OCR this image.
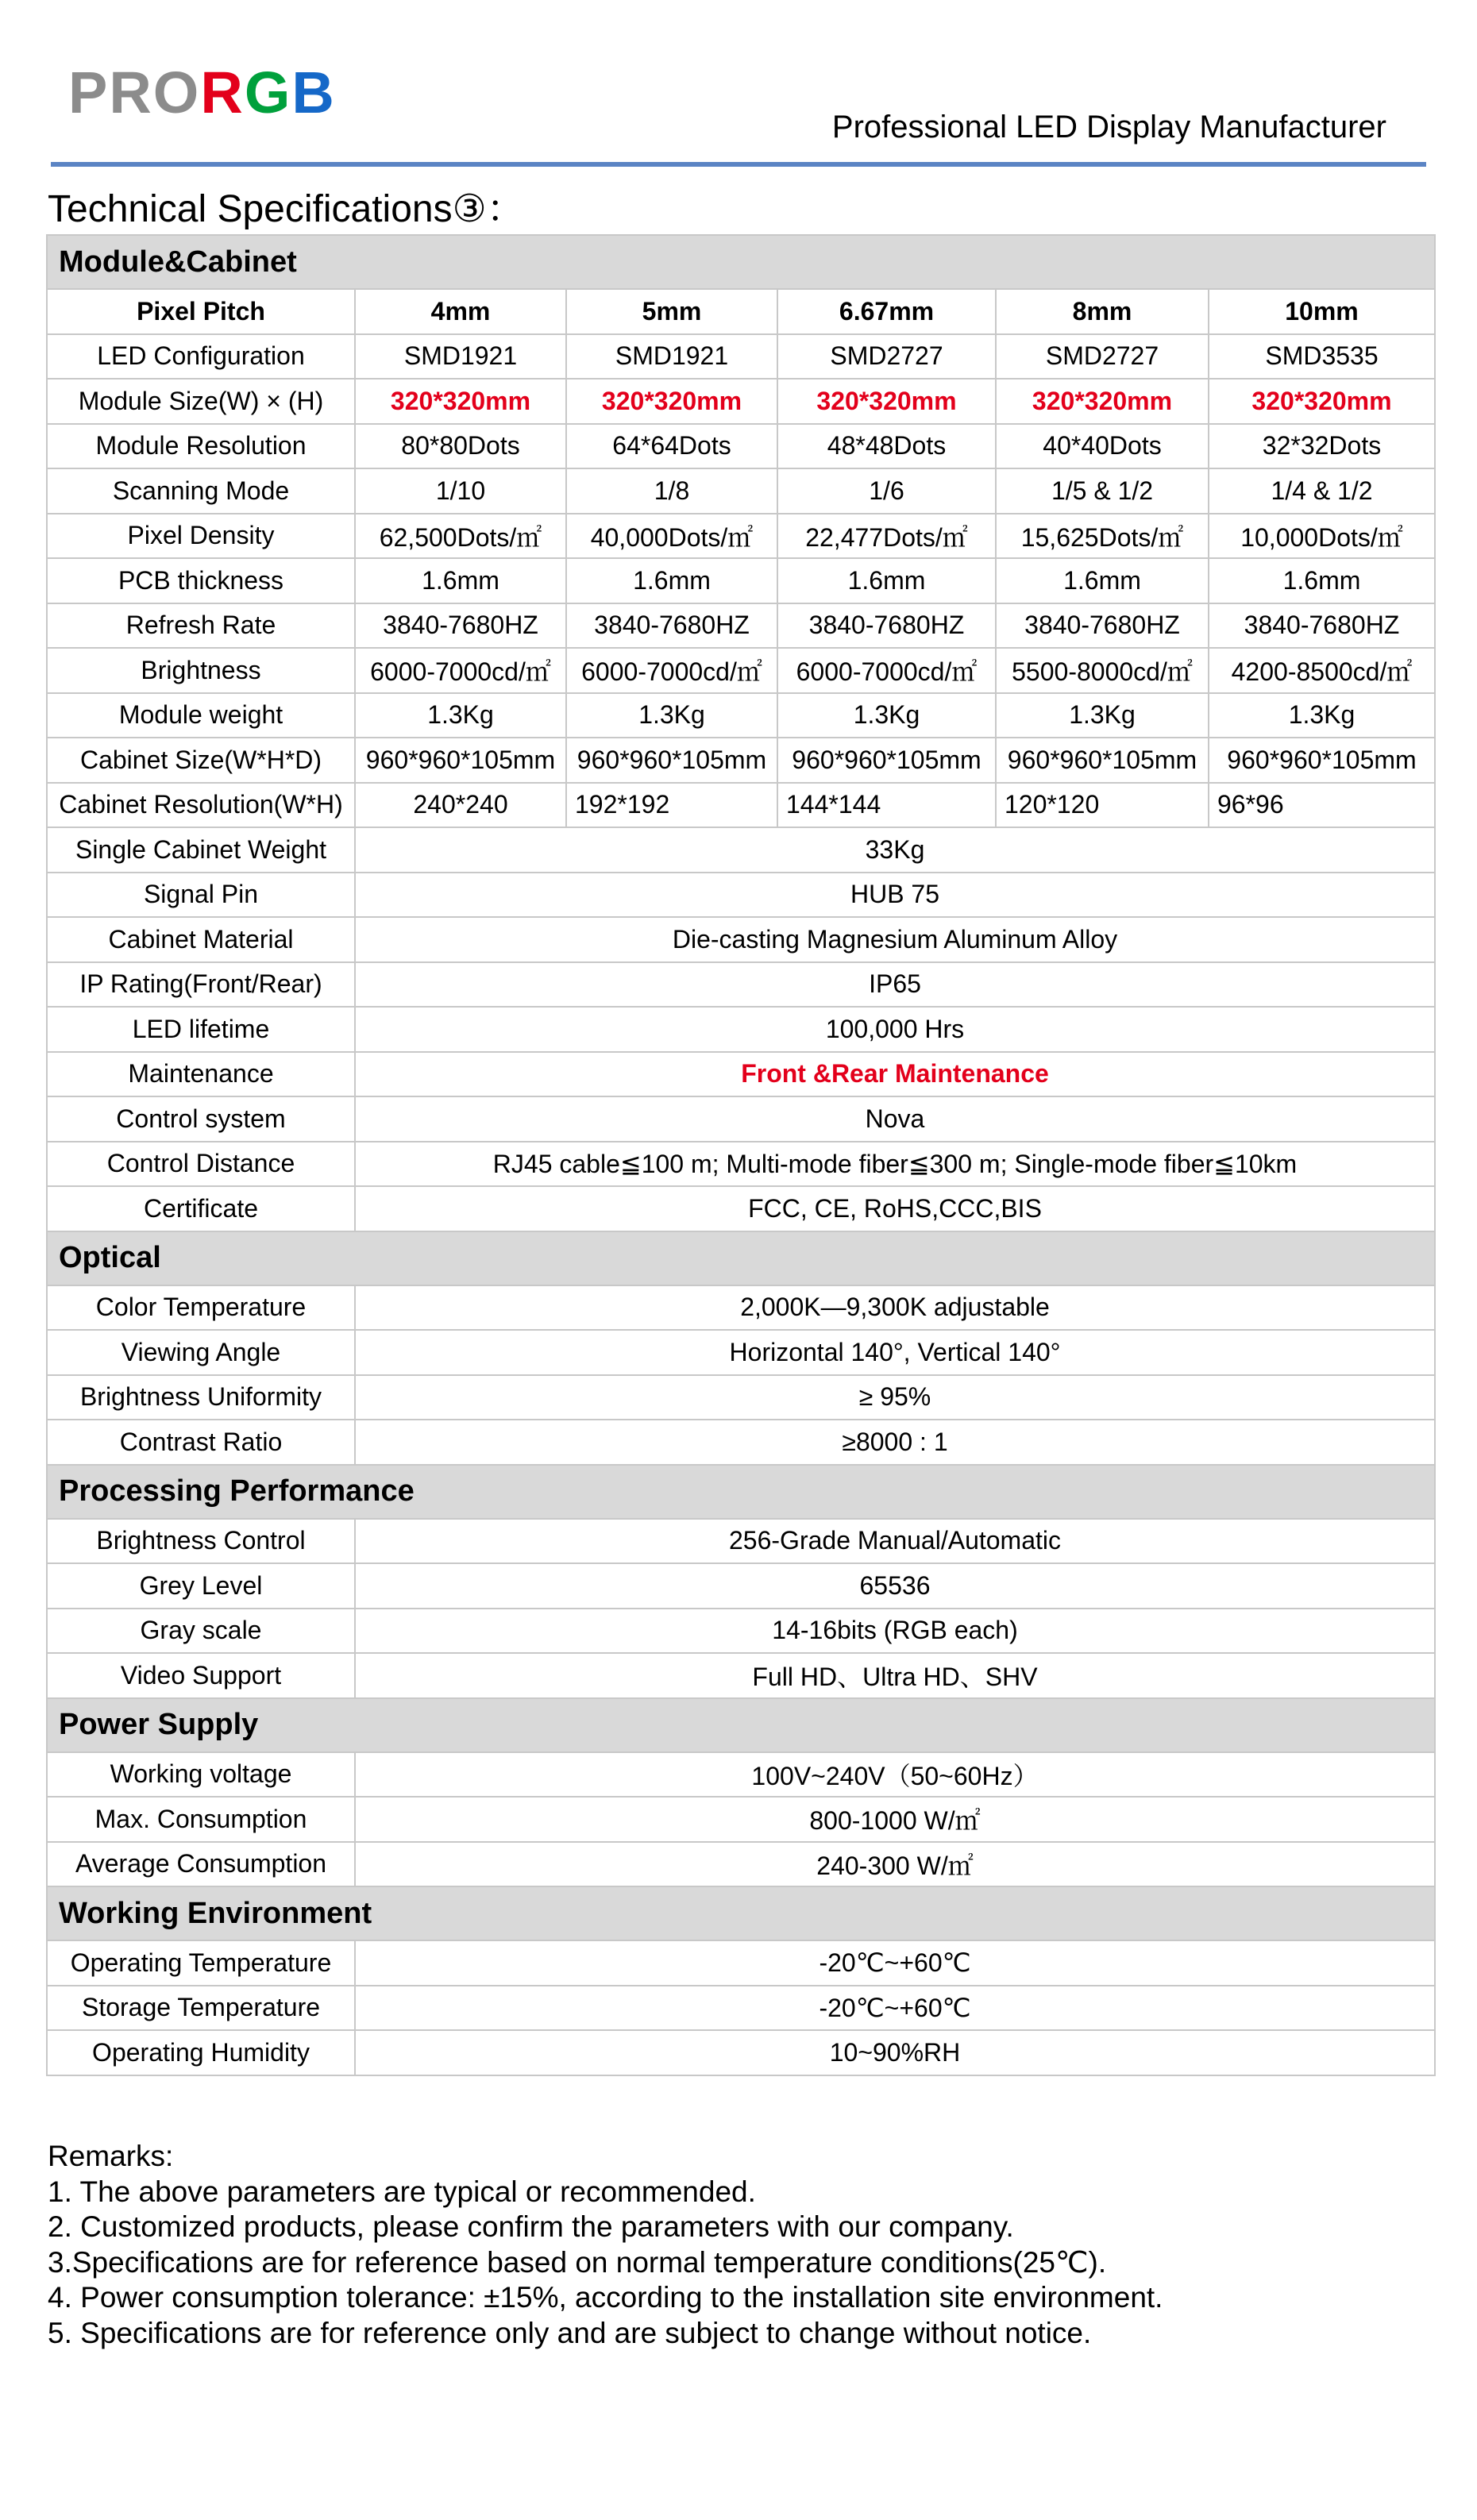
PRORGB
Professional LED Display Manufacturer
Technical Specifications③：
Module&Cabinet					
Pixel Pitch	4mm	5mm	6.67mm	8mm	10mm
LED Configuration	SMD1921	SMD1921	SMD2727	SMD2727	SMD3535
Module Size(W) × (H)	320*320mm	320*320mm	320*320mm	320*320mm	320*320mm
Module Resolution	80*80Dots	64*64Dots	48*48Dots	40*40Dots	32*32Dots
Scanning Mode	1/10	1/8	1/6	1/5 & 1/2	1/4 & 1/2
Pixel Density	62,500Dots/㎡	40,000Dots/㎡	22,477Dots/㎡	15,625Dots/㎡	10,000Dots/㎡
PCB thickness	1.6mm	1.6mm	1.6mm	1.6mm	1.6mm
Refresh Rate	3840-7680HZ	3840-7680HZ	3840-7680HZ	3840-7680HZ	3840-7680HZ
Brightness	6000-7000cd/㎡	6000-7000cd/㎡	6000-7000cd/㎡	5500-8000cd/㎡	4200-8500cd/㎡
Module weight	1.3Kg	1.3Kg	1.3Kg	1.3Kg	1.3Kg
Cabinet Size(W*H*D)	960*960*105mm	960*960*105mm	960*960*105mm	960*960*105mm	960*960*105mm
Cabinet Resolution(W*H)	240*240	192*192	144*144	120*120	96*96
Single Cabinet Weight	33Kg				
Signal Pin	HUB 75				
Cabinet Material	Die-casting Magnesium Aluminum Alloy				
IP Rating(Front/Rear)	IP65				
LED lifetime	100,000 Hrs				
Maintenance	Front &Rear Maintenance				
Control system	Nova				
Control Distance	RJ45 cable≦100 m; Multi-mode fiber≦300 m; Single-mode fiber≦10km				
Certificate	FCC, CE, RoHS,CCC,BIS				
Optical					
Color Temperature	2,000K—9,300K adjustable				
Viewing Angle	Horizontal 140°, Vertical 140°				
Brightness Uniformity	≥ 95%				
Contrast Ratio	≥8000 : 1				
Processing Performance					
Brightness Control	256-Grade Manual/Automatic				
Grey Level	65536				
Gray scale	14-16bits (RGB each)				
Video Support	Full HD、Ultra HD、SHV				
Power Supply					
Working voltage	100V~240V（50~60Hz）				
Max. Consumption	800-1000 W/㎡				
Average Consumption	240-300 W/㎡				
Working Environment					
Operating Temperature	-20℃~+60℃				
Storage Temperature	-20℃~+60℃				
Operating Humidity	10~90%RH				
Remarks:
1. The above parameters are typical or recommended.
2. Customized products, please confirm the parameters with our company.
3.Specifications are for reference based on normal temperature conditions(25℃).
4. Power consumption tolerance: ±15%, according to the installation site environment.
5. Specifications are for reference only and are subject to change without notice.
